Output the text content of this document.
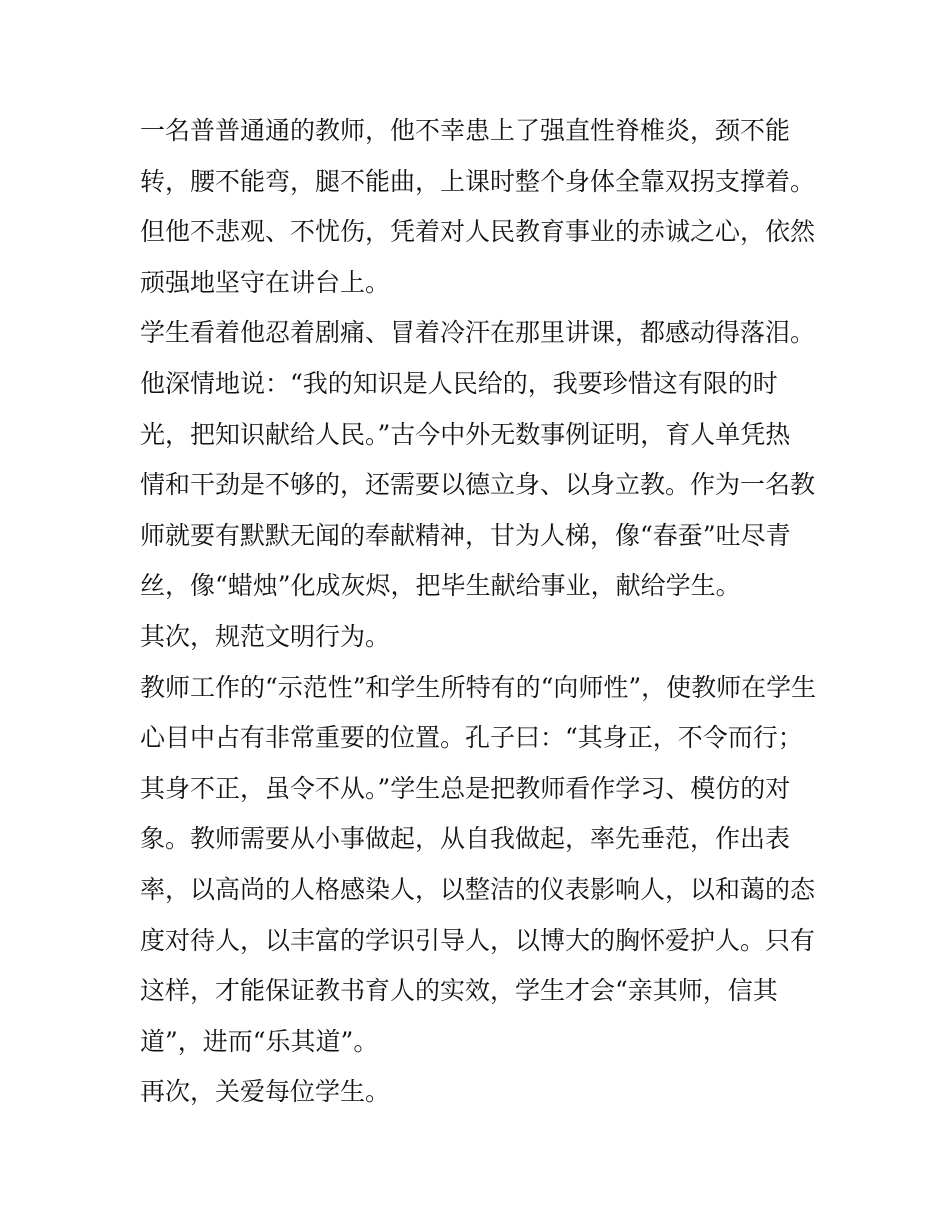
一名普普通通的教师，他不幸患上了强直性脊椎炎，颈不能
转，腰不能弯，腿不能曲，上课时整个身体全靠双拐支撑着。
但他不悲观、不忧伤，凭着对人民教育事业的赤诚之心，依然
顽强地坚守在讲台上。

学生看着他忍着剧痛、冒着冷汗在那里讲课，都感动得落泪。
他深情地说：“我的知识是人民给的，我要珍惜这有限的时
光，把知识献给人民。”古今中外无数事例证明，育人单凭热
情和干劲是不够的，还需要以德立身、以身立教。作为一名教
师就要有默默无闻的奉献精神，甘为人梯，像“春蚕”吐尽青
丝，像“蜡烛”化成灰烬，把毕生献给事业，献给学生。

其次，规范文明行为。

教师工作的“示范性”和学生所特有的“向师性”，使教师在学生
心目中占有非常重要的位置。孔子曰：“其身正，不令而行；
其身不正，虽令不从。”学生总是把教师看作学习、模仿的对
象。教师需要从小事做起，从自我做起，率先垂范，作出表
率，以高尚的人格感染人，以整洁的仪表影响人，以和蔼的态
度对待人，以丰富的学识引导人，以博大的胸怀爱护人。只有
这样，才能保证教书育人的实效，学生才会“亲其师，信其
道”，进而“乐其道”。

再次，关爱每位学生。
